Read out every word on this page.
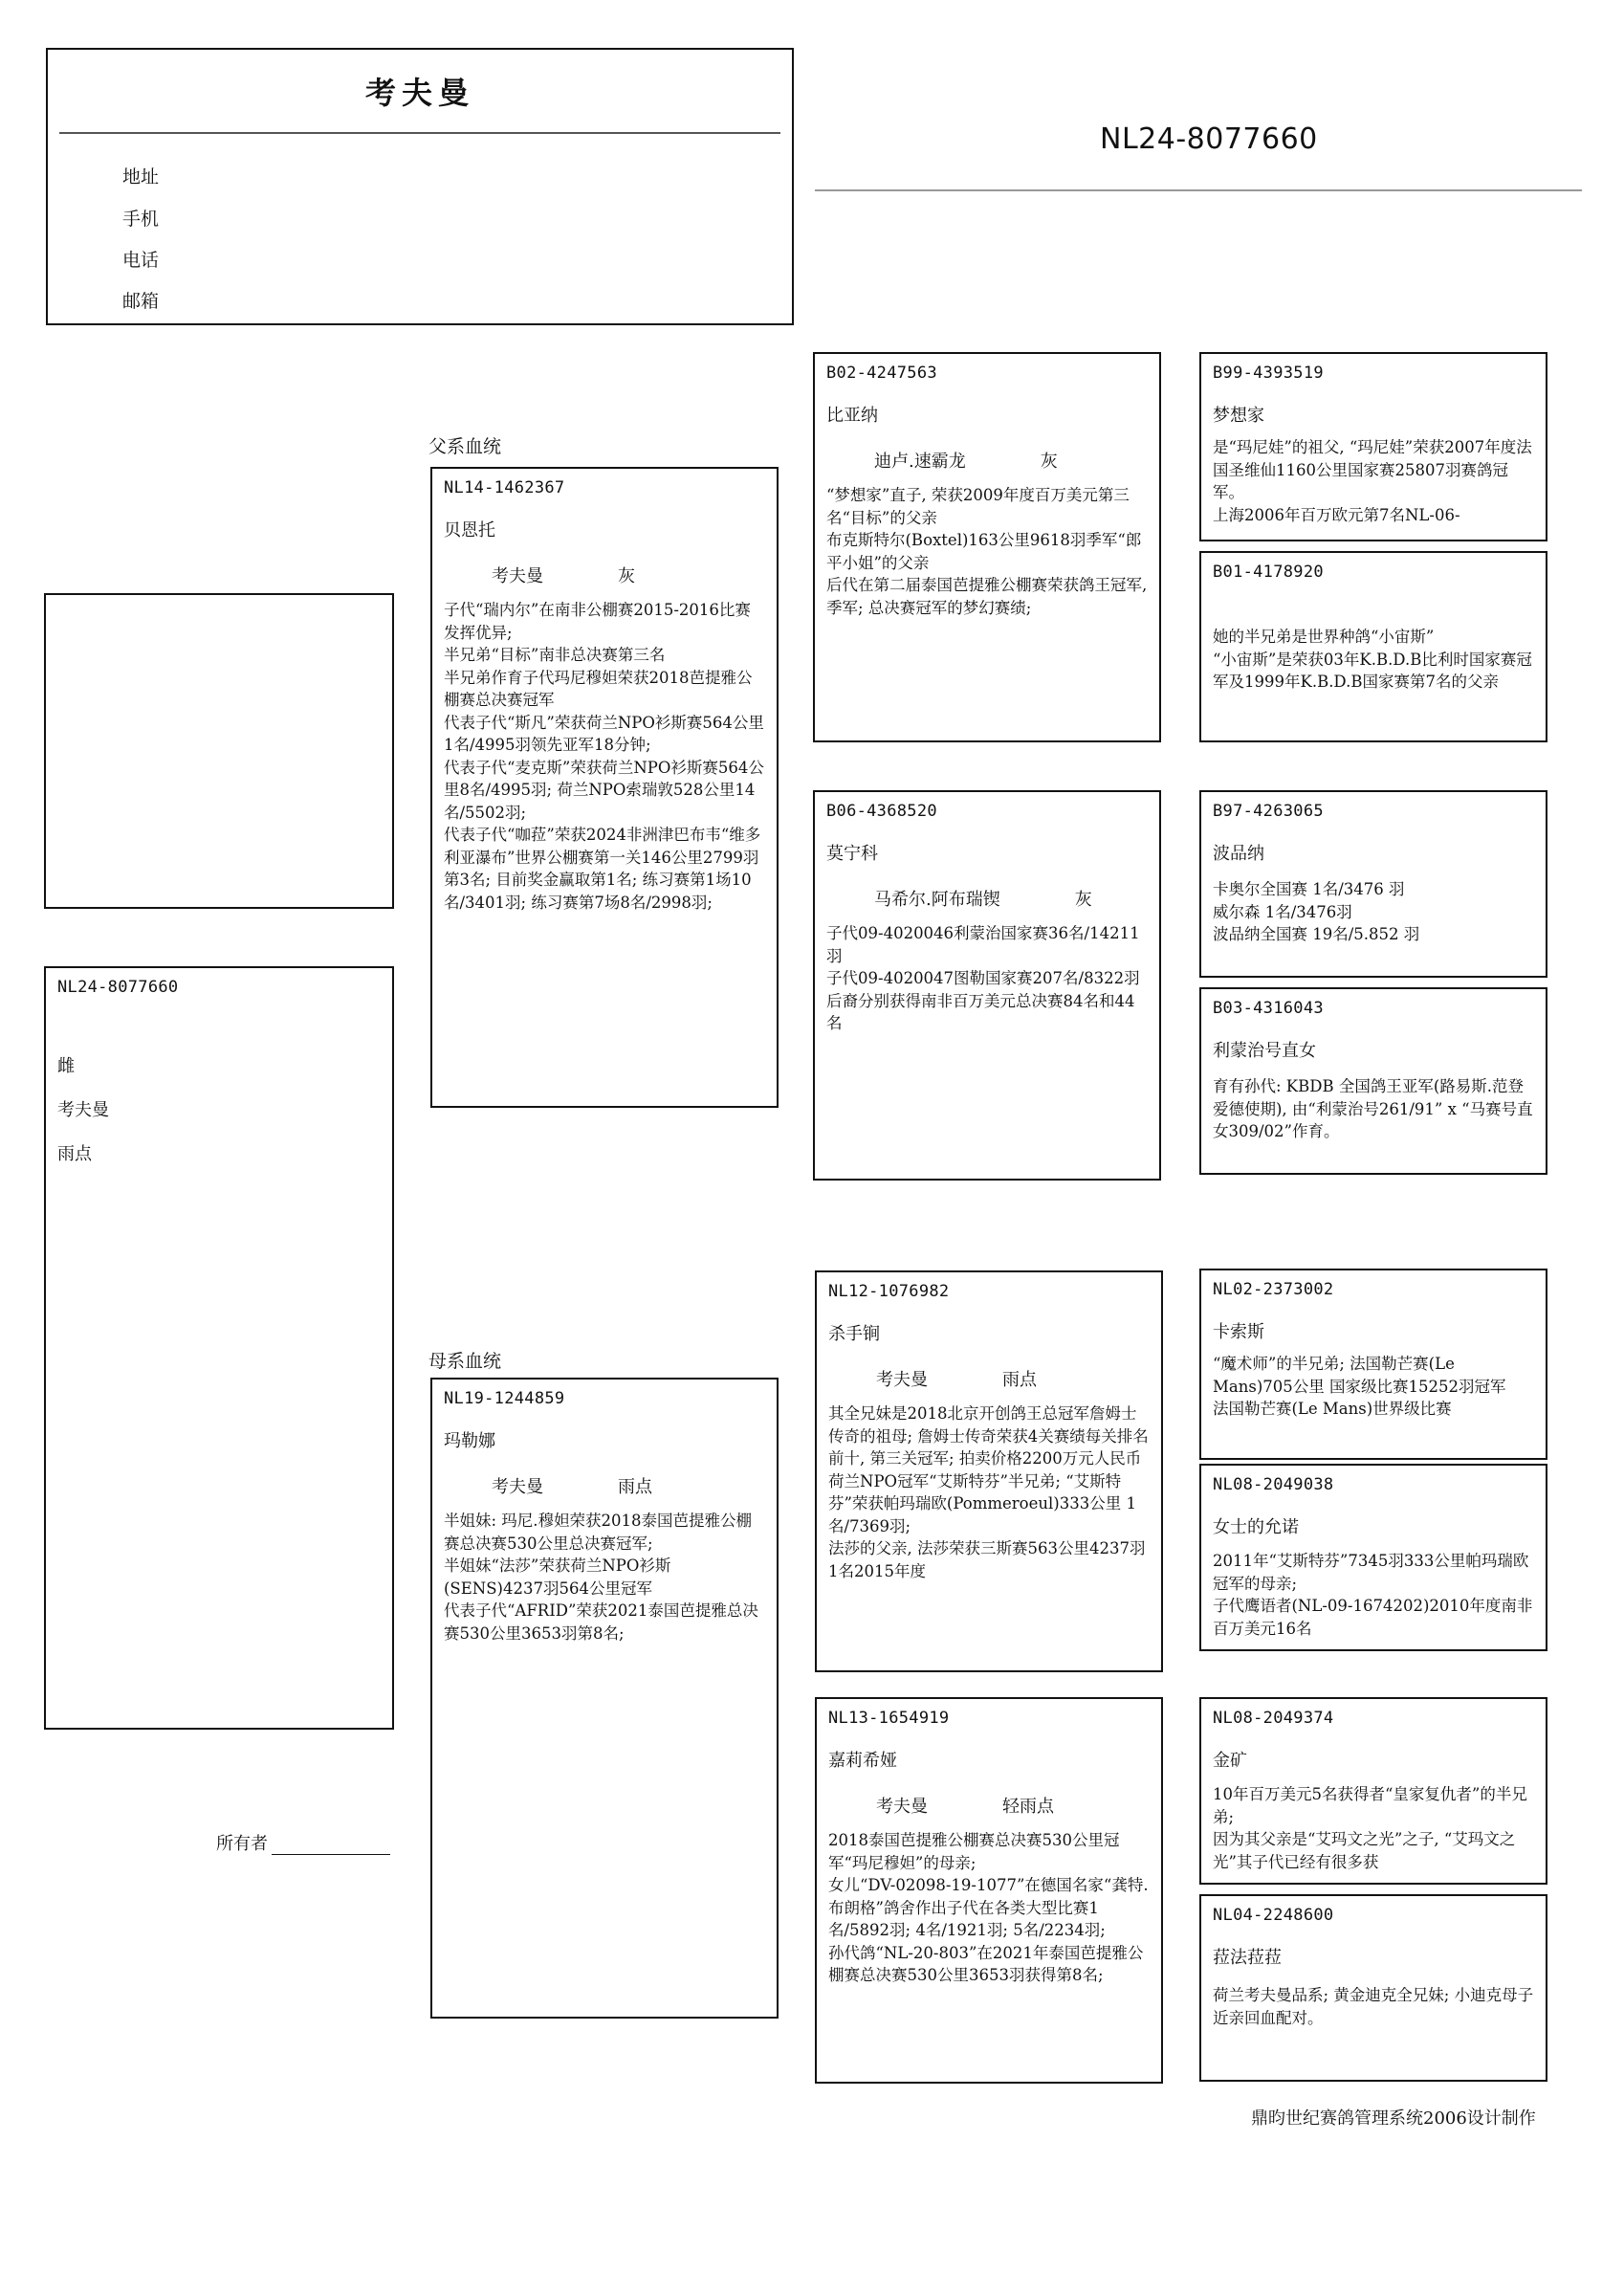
考夫曼
地址
手机
电话
邮箱
NL24-8077660
NL24-8077660
雌
考夫曼
雨点
所有者
父系血统
母系血统
NL14-1462367
贝恩托
考夫曼	灰
子代“瑞内尔”在南非公棚赛2015-2016比赛发挥优异;
半兄弟“目标”南非总决赛第三名
半兄弟作育子代玛尼穆妲荣获2018芭提雅公棚赛总决赛冠军
代表子代“斯凡”荣获荷兰NPO衫斯赛564公里1名/4995羽领先亚军18分钟;
代表子代“麦克斯”荣获荷兰NPO衫斯赛564公里8名/4995羽; 荷兰NPO索瑞敦528公里14名/5502羽;
代表子代“咖菈”荣获2024非洲津巴布韦“维多利亚瀑布”世界公棚赛第一关146公里2799羽第3名; 目前奖金赢取第1名; 练习赛第1场10名/3401羽; 练习赛第7场8名/2998羽;
NL19-1244859
玛勒娜
考夫曼	雨点
半姐妹: 玛尼.穆妲荣获2018泰国芭提雅公棚赛总决赛530公里总决赛冠军;
半姐妹“法莎”荣获荷兰NPO衫斯(SENS)4237羽564公里冠军
代表子代“AFRID”荣获2021泰国芭提雅总决赛530公里3653羽第8名;
B02-4247563
比亚纳
迪卢.速霸龙	灰
“梦想家”直子, 荣获2009年度百万美元第三名“目标”的父亲
布克斯特尔(Boxtel)163公里9618羽季军“郎平小姐”的父亲
后代在第二届泰国芭提雅公棚赛荣获鸽王冠军, 季军; 总决赛冠军的梦幻赛绩;
B06-4368520
莫宁科
马希尔.阿布瑞锲	灰
子代09-4020046利蒙治国家赛36名/14211羽
子代09-4020047图勒国家赛207名/8322羽
后裔分别获得南非百万美元总决赛84名和44名
NL12-1076982
杀手锏
考夫曼	雨点
其全兄妹是2018北京开创鸽王总冠军詹姆士传奇的祖母; 詹姆士传奇荣获4关赛绩每关排名前十, 第三关冠军; 拍卖价格2200万元人民币
荷兰NPO冠军“艾斯特芬”半兄弟; “艾斯特芬”荣获帕玛瑞欧(Pommeroeul)333公里 1名/7369羽;
法莎的父亲, 法莎荣获三斯赛563公里4237羽1名2015年度
NL13-1654919
嘉莉希娅
考夫曼	轻雨点
2018泰国芭提雅公棚赛总决赛530公里冠军“玛尼穆妲”的母亲;
女儿“DV-02098-19-1077”在德国名家“龚特.布朗格”鸽舍作出子代在各类大型比赛1名/5892羽; 4名/1921羽; 5名/2234羽;
孙代鸽“NL-20-803”在2021年泰国芭提雅公棚赛总决赛530公里3653羽获得第8名;
B99-4393519
梦想家
是“玛尼娃”的祖父, “玛尼娃”荣获2007年度法国圣维仙1160公里国家赛25807羽赛鸽冠军。
上海2006年百万欧元第7名NL-06-
B01-4178920
她的半兄弟是世界种鸽“小宙斯”
“小宙斯”是荣获03年K.B.D.B比利时国家赛冠军及1999年K.B.D.B国家赛第7名的父亲
B97-4263065
波品纳
卡奥尔全国赛 1名/3476 羽
威尔森 1名/3476羽
波品纳全国赛 19名/5.852 羽
B03-4316043
利蒙治号直女
育有孙代: KBDB 全国鸽王亚军(路易斯.范登爱德使期), 由“利蒙治号261/91” x “马赛号直女309/02”作育。
NL02-2373002
卡索斯
“魔术师”的半兄弟; 法国勒芒赛(Le Mans)705公里 国家级比赛15252羽冠军
法国勒芒赛(Le Mans)世界级比赛
NL08-2049038
女士的允诺
2011年“艾斯特芬”7345羽333公里帕玛瑞欧冠军的母亲;
子代鹰语者(NL-09-1674202)2010年度南非百万美元16名
NL08-2049374
金矿
10年百万美元5名获得者“皇家复仇者”的半兄弟;
因为其父亲是“艾玛文之光”之子, “艾玛文之光”其子代已经有很多获
NL04-2248600
菈法菈菈
荷兰考夫曼品系; 黄金迪克全兄妹; 小迪克母子近亲回血配对。
鼎昀世纪赛鸽管理系统2006设计制作
